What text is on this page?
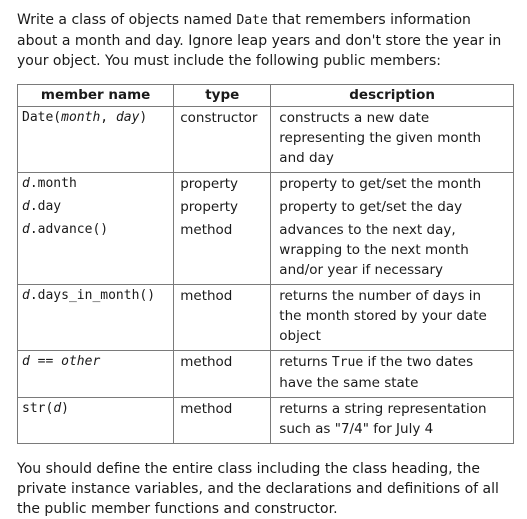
Write a class of objects named Date that remembers information about a month and day. Ignore leap years and don't store the year in your object. You must include the following public members:

member name	type	description
Date(month, day)	constructor	constructs a new date representing the given month and day
d.month	property	property to get/set the month
d.day	property	property to get/set the day
d.advance()	method	advances to the next day, wrapping to the next month and/or year if necessary
d.days_in_month()	method	returns the number of days in the month stored by your date object
d == other	method	returns True if the two dates have the same state
str(d)	method	returns a string representation such as "7/4" for July 4

You should define the entire class including the class heading, the private instance variables, and the declarations and definitions of all the public member functions and constructor.
